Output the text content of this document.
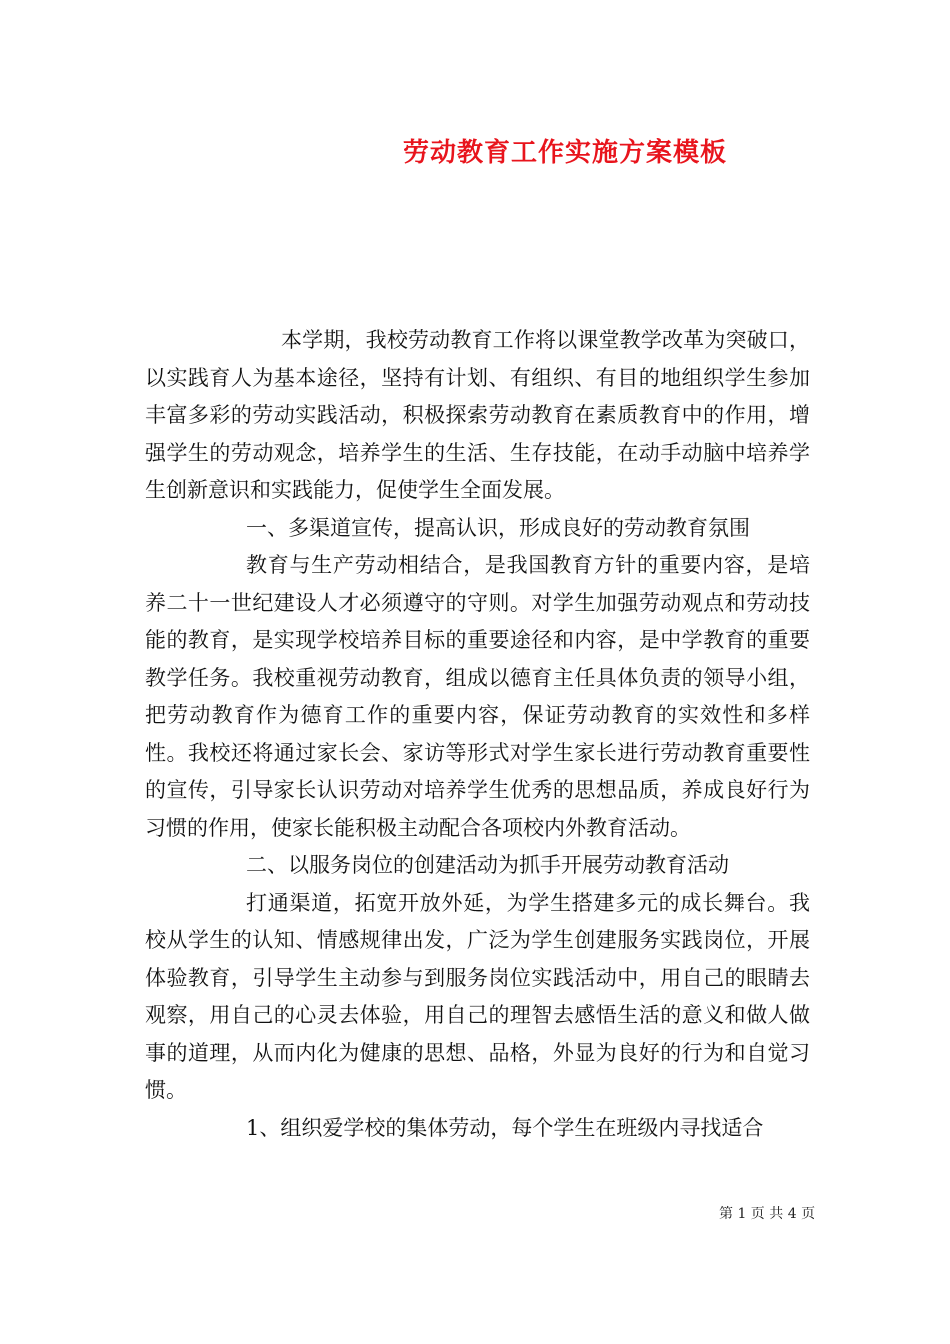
劳动教育工作实施方案模板

本学期，我校劳动教育工作将以课堂教学改革为突破口，以实践育人为基本途径，坚持有计划、有组织、有目的地组织学生参加丰富多彩的劳动实践活动，积极探索劳动教育在素质教育中的作用，增强学生的劳动观念，培养学生的生活、生存技能，在动手动脑中培养学生创新意识和实践能力，促使学生全面发展。

一、多渠道宣传，提高认识，形成良好的劳动教育氛围

教育与生产劳动相结合，是我国教育方针的重要内容，是培养二十一世纪建设人才必须遵守的守则。对学生加强劳动观点和劳动技能的教育，是实现学校培养目标的重要途径和内容，是中学教育的重要教学任务。我校重视劳动教育，组成以德育主任具体负责的领导小组，把劳动教育作为德育工作的重要内容，保证劳动教育的实效性和多样性。我校还将通过家长会、家访等形式对学生家长进行劳动教育重要性的宣传，引导家长认识劳动对培养学生优秀的思想品质，养成良好行为习惯的作用，使家长能积极主动配合各项校内外教育活动。

二、以服务岗位的创建活动为抓手开展劳动教育活动

打通渠道，拓宽开放外延，为学生搭建多元的成长舞台。我校从学生的认知、情感规律出发，广泛为学生创建服务实践岗位，开展体验教育，引导学生主动参与到服务岗位实践活动中，用自己的眼睛去观察，用自己的心灵去体验，用自己的理智去感悟生活的意义和做人做事的道理，从而内化为健康的思想、品格，外显为良好的行为和自觉习惯。

1、组织爱学校的集体劳动，每个学生在班级内寻找适合

第 1 页 共 4 页
